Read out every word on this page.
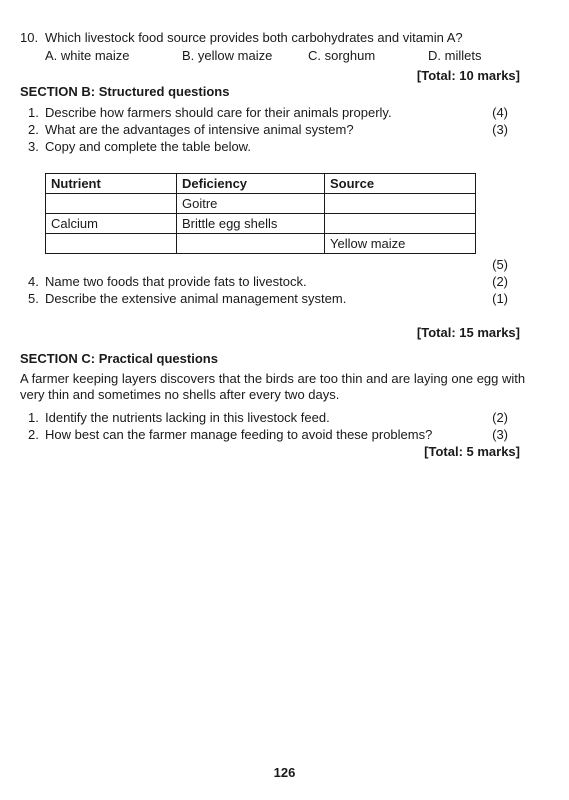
10. Which livestock food source provides both carbohydrates and vitamin A?
A. white maize	B. yellow maize	C. sorghum	D. millets
[Total: 10 marks]
SECTION B: Structured questions
1. Describe how farmers should care for their animals properly.	(4)
2. What are the advantages of intensive animal system?	(3)
3. Copy and complete the table below.
Nutrient	Deficiency	Source
	Goitre	
Calcium	Brittle egg shells	
		Yellow maize
(5)
4. Name two foods that provide fats to livestock.	(2)
5. Describe the extensive animal management system.	(1)
[Total: 15 marks]
SECTION C: Practical questions
A farmer keeping layers discovers that the birds are too thin and are laying one egg with
very thin and sometimes no shells after every two days.
1. Identify the nutrients lacking in this livestock feed.	(2)
2. How best can the farmer manage feeding to avoid these problems?	(3)
[Total: 5 marks]
126
